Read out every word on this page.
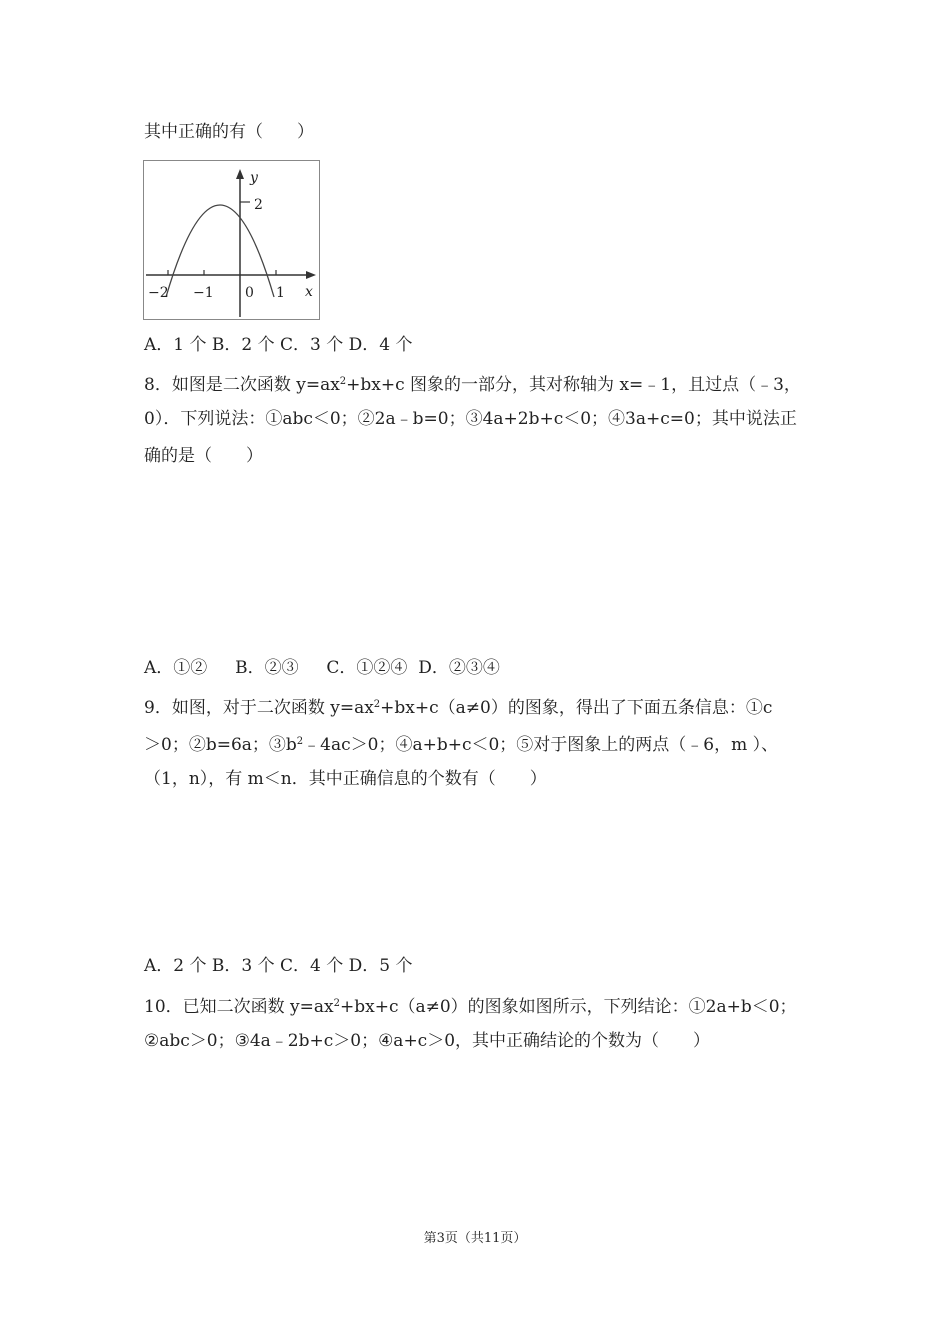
其中正确的有（　　）
y
2
−2 −1 0 1 x
A．1 个 B．2 个 C．3 个 D．4 个
8．如图是二次函数 $y=ax^2+bx+c$ 图象的一部分，其对称轴为 x=﹣1，且过点（﹣3，
0）．下列说法：①abc＜0；②2a﹣b=0；③4a+2b+c＜0；④3a+c=0；其中说法正
确的是（　　）
A．①②　  B．②③　  C．①②④  D．②③④
9．如图，对于二次函数 $y=ax^2+bx+c(a\ne 0)$的图象，得出了下面五条信息：①c
＞0；②b=6a；$③b^2﹣4ac>0$；④a+b+c＜0；⑤对于图象上的两点（﹣6，m ）、
（1，n），有 m＜n．其中正确信息的个数有（　　）
A．2 个 B．3 个 C．4 个 D．5 个
10．已知二次函数 $y=ax^2+bx+c(a\ne 0)$的图象如图所示，下列结论：①2a+b＜0；
②abc＞0；③4a﹣2b+c＞0；④a+c＞0，其中正确结论的个数为（　　）
第3页（共11页）
